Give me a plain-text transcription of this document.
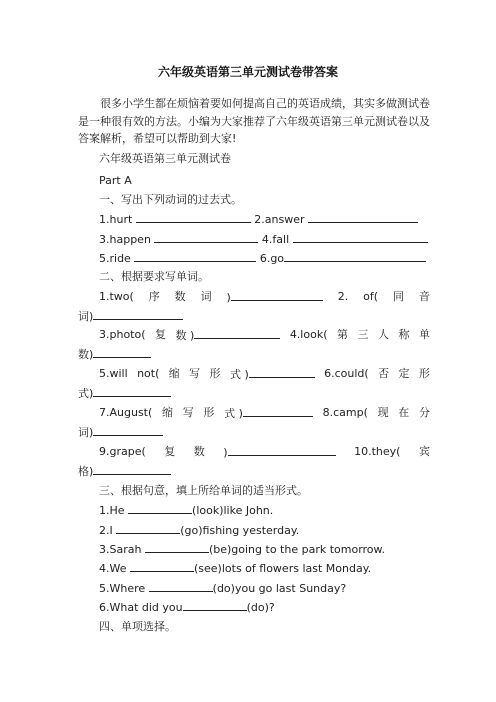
六年级英语第三单元测试卷带答案
很多小学生都在烦恼着要如何提高自己的英语成绩，其实多做测试卷是一种很有效的方法。小编为大家推荐了六年级英语第三单元测试卷以及答案解析，希望可以帮助到大家!
六年级英语第三单元测试卷
Part A
一、写出下列动词的过去式。
1.hurt	2.answer
3.happen	4.fall
5.ride	6.go
二、根据要求写单词。
1.two( 序 数 词 )	2. of( 同 音
词)
3.photo( 复 数 )	4.look( 第 三 人 称 单
数)
5.will not( 缩 写 形 式 )	6.could( 否 定 形
式)
7.August( 缩 写 形 式 )	8.camp( 现 在 分
词)
9.grape( 复 数 )	10.they( 宾
格)
三、根据句意，填上所给单词的适当形式。
1.He	(look)like John.
2.I	(go)fishing yesterday.
3.Sarah	(be)going to the park tomorrow.
4.We	(see)lots of flowers last Monday.
5.Where	(do)you go last Sunday?
6.What did you	(do)?
四、单项选择。
